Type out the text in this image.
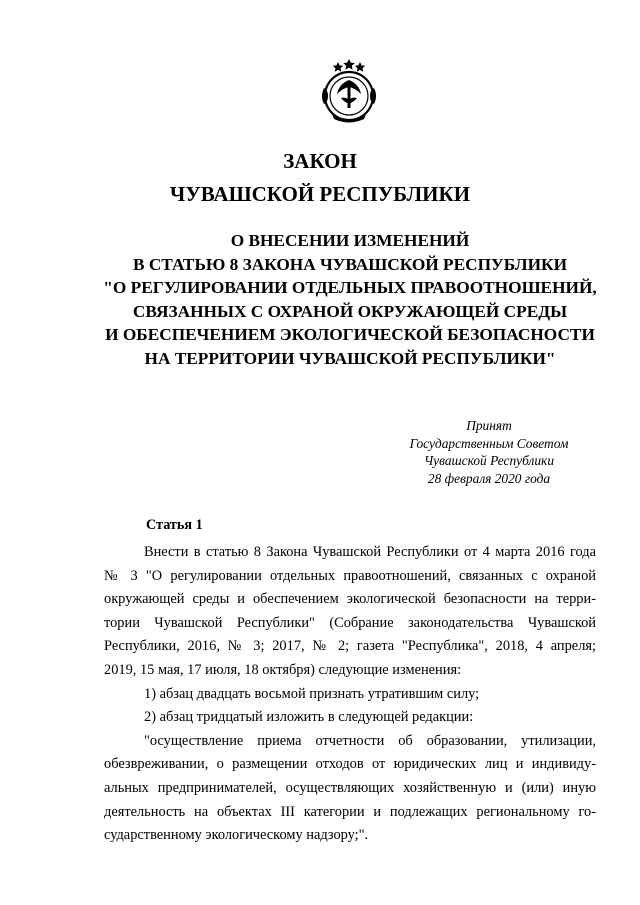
ЗАКОН
ЧУВАШСКОЙ РЕСПУБЛИКИ
О ВНЕСЕНИИ ИЗМЕНЕНИЙ
В СТАТЬЮ 8 ЗАКОНА ЧУВАШСКОЙ РЕСПУБЛИКИ
"О РЕГУЛИРОВАНИИ ОТДЕЛЬНЫХ ПРАВООТНОШЕНИЙ,
СВЯЗАННЫХ С ОХРАНОЙ ОКРУЖАЮЩЕЙ СРЕДЫ
И ОБЕСПЕЧЕНИЕМ ЭКОЛОГИЧЕСКОЙ БЕЗОПАСНОСТИ
НА ТЕРРИТОРИИ ЧУВАШСКОЙ РЕСПУБЛИКИ"
Принят
Государственным Советом
Чувашской Республики
28 февраля 2020 года
Статья 1
Внести в статью 8 Закона Чувашской Республики от 4 марта 2016 года
№ 3 "О регулировании отдельных правоотношений, связанных с охраной
окружающей среды и обеспечением экологической безопасности на терри-
тории Чувашской Республики" (Собрание законодательства Чувашской
Республики, 2016, № 3; 2017, № 2; газета "Республика", 2018, 4 апреля;
2019, 15 мая, 17 июля, 18 октября) следующие изменения:
1) абзац двадцать восьмой признать утратившим силу;
2) абзац тридцатый изложить в следующей редакции:
"осуществление приема отчетности об образовании, утилизации,
обезвреживании, о размещении отходов от юридических лиц и индивиду-
альных предпринимателей, осуществляющих хозяйственную и (или) иную
деятельность на объектах III категории и подлежащих региональному го-
сударственному экологическому надзору;".
